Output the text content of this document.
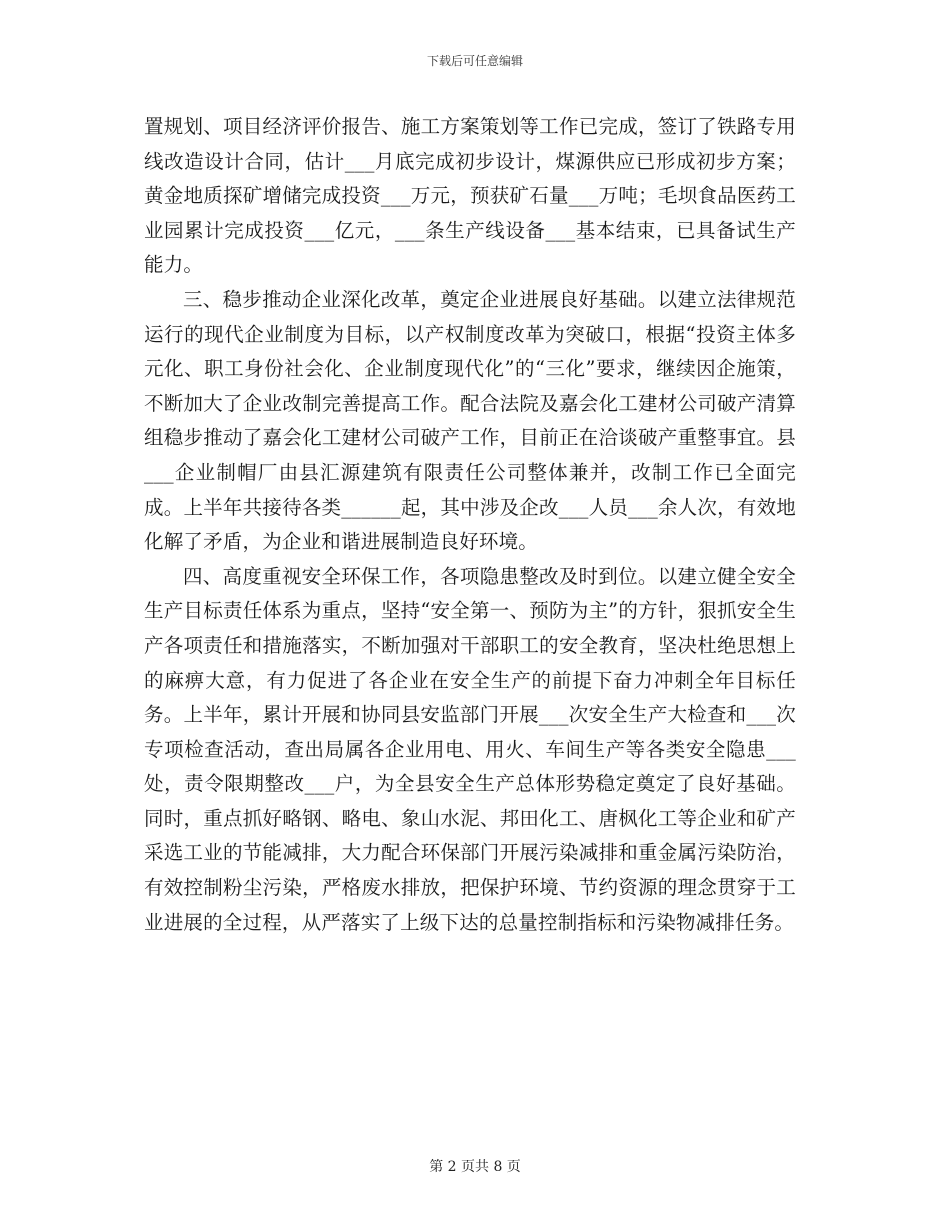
下载后可任意编辑

置规划、项目经济评价报告、施工方案策划等工作已完成，签订了铁路专用线改造设计合同，估计___月底完成初步设计，煤源供应已形成初步方案；黄金地质探矿增储完成投资___万元，预获矿石量___万吨；毛坝食品医药工业园累计完成投资___亿元，___条生产线设备___基本结束，已具备试生产能力。

三、稳步推动企业深化改革，奠定企业进展良好基础。以建立法律规范运行的现代企业制度为目标，以产权制度改革为突破口，根据“投资主体多元化、职工身份社会化、企业制度现代化”的“三化”要求，继续因企施策，不断加大了企业改制完善提高工作。配合法院及嘉会化工建材公司破产清算组稳步推动了嘉会化工建材公司破产工作，目前正在洽谈破产重整事宜。县___企业制帽厂由县汇源建筑有限责任公司整体兼并，改制工作已全面完成。上半年共接待各类______起，其中涉及企改___人员___余人次，有效地化解了矛盾，为企业和谐进展制造良好环境。

四、高度重视安全环保工作，各项隐患整改及时到位。以建立健全安全生产目标责任体系为重点，坚持“安全第一、预防为主”的方针，狠抓安全生产各项责任和措施落实，不断加强对干部职工的安全教育，坚决杜绝思想上的麻痹大意，有力促进了各企业在安全生产的前提下奋力冲刺全年目标任务。上半年，累计开展和协同县安监部门开展___次安全生产大检查和___次专项检查活动，查出局属各企业用电、用火、车间生产等各类安全隐患___处，责令限期整改___户，为全县安全生产总体形势稳定奠定了良好基础。同时，重点抓好略钢、略电、象山水泥、邦田化工、唐枫化工等企业和矿产采选工业的节能减排，大力配合环保部门开展污染减排和重金属污染防治，有效控制粉尘污染，严格废水排放，把保护环境、节约资源的理念贯穿于工业进展的全过程，从严落实了上级下达的总量控制指标和污染物减排任务。

第 2 页共 8 页
